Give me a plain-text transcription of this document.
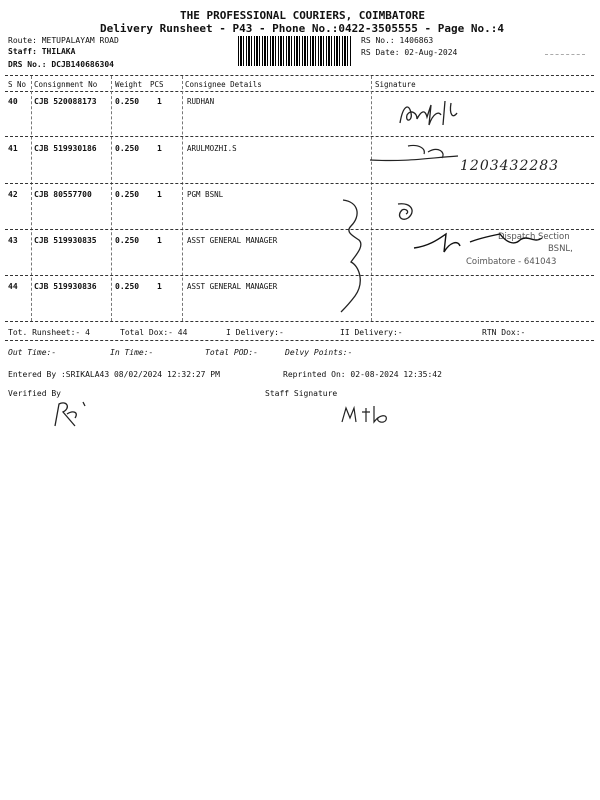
THE PROFESSIONAL COURIERS, COIMBATORE
Delivery Runsheet - P43 - Phone No.:0422-3505555 - Page No.:4
Route: METUPALAYAM ROAD
Staff: THILAKA
DRS No.: DCJB140686304
RS No.: 1406863
RS Date: 02-Aug-2024
S No Consignment No Weight PCS	Consignee Details	Signature
40 CJB 520088173 0.250 1	RUDHAN
41 CJB 519930186 0.250 1	ARULMOZHI.S
42 CJB 80557700	0.250 1	PGM BSNL
43 CJB 519930835 0.250 1	ASST GENERAL MANAGER
44 CJB 519930836 0.250 1	ASST GENERAL MANAGER
1203432283
Dispatch Section
BSNL,
Coimbatore - 641043
Tot. Runsheet:- 4	Total Dox:- 44	I Delivery:-	II Delivery:-	RTN Dox:-
Out Time:-	In Time:-	Total POD:-	Delvy Points:-
Entered By :SRIKALA43 08/02/2024 12:32:27 PM	Reprinted On: 02-08-2024 12:35:42
Verified By	Staff Signature
